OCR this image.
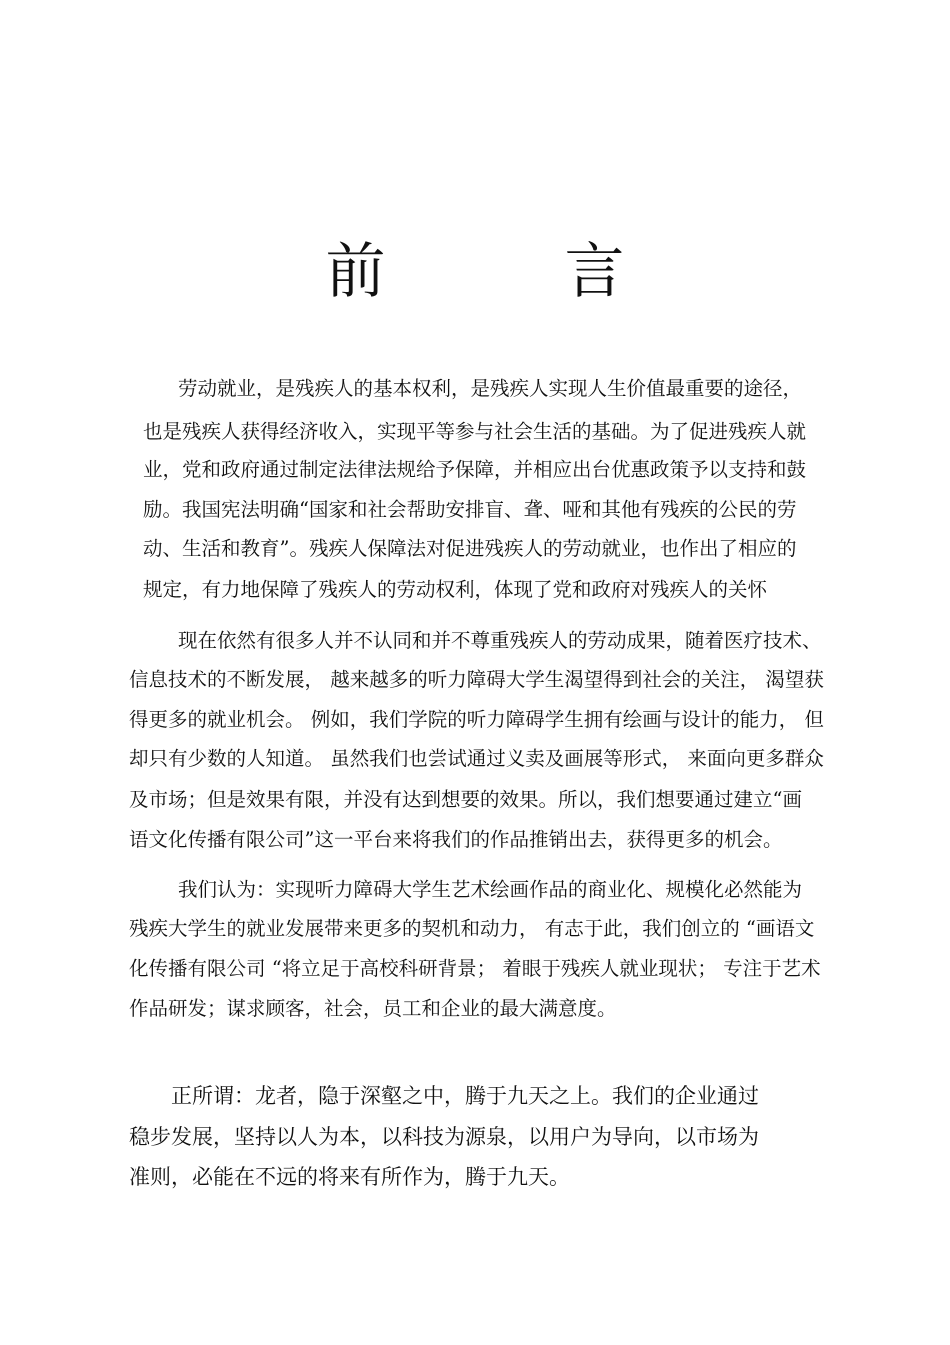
前 言

劳动就业，是残疾人的基本权利，是残疾人实现人生价值最重要的途径，

也是残疾人获得经济收入，实现平等参与社会生活的基础。为了促进残疾人就

业，党和政府通过制定法律法规给予保障，并相应出台优惠政策予以支持和鼓

励。我国宪法明确“国家和社会帮助安排盲、聋、哑和其他有残疾的公民的劳

动、生活和教育”。残疾人保障法对促进残疾人的劳动就业，也作出了相应的

规定，有力地保障了残疾人的劳动权利，体现了党和政府对残疾人的关怀

现在依然有很多人并不认同和并不尊重残疾人的劳动成果，随着医疗技术、

信息技术的不断发展， 越来越多的听力障碍大学生渴望得到社会的关注， 渴望获

得更多的就业机会。 例如，我们学院的听力障碍学生拥有绘画与设计的能力， 但

却只有少数的人知道。 虽然我们也尝试通过义卖及画展等形式， 来面向更多群众

及市场；但是效果有限，并没有达到想要的效果。所以，我们想要通过建立“画

语文化传播有限公司”这一平台来将我们的作品推销出去，获得更多的机会。

我们认为：实现听力障碍大学生艺术绘画作品的商业化、规模化必然能为

残疾大学生的就业发展带来更多的契机和动力， 有志于此，我们创立的 “画语文

化传播有限公司 “将立足于高校科研背景； 着眼于残疾人就业现状； 专注于艺术

作品研发；谋求顾客，社会，员工和企业的最大满意度。

正所谓：龙者，隐于深壑之中，腾于九天之上。我们的企业通过

稳步发展，坚持以人为本，以科技为源泉，以用户为导向，以市场为

准则，必能在不远的将来有所作为，腾于九天。
